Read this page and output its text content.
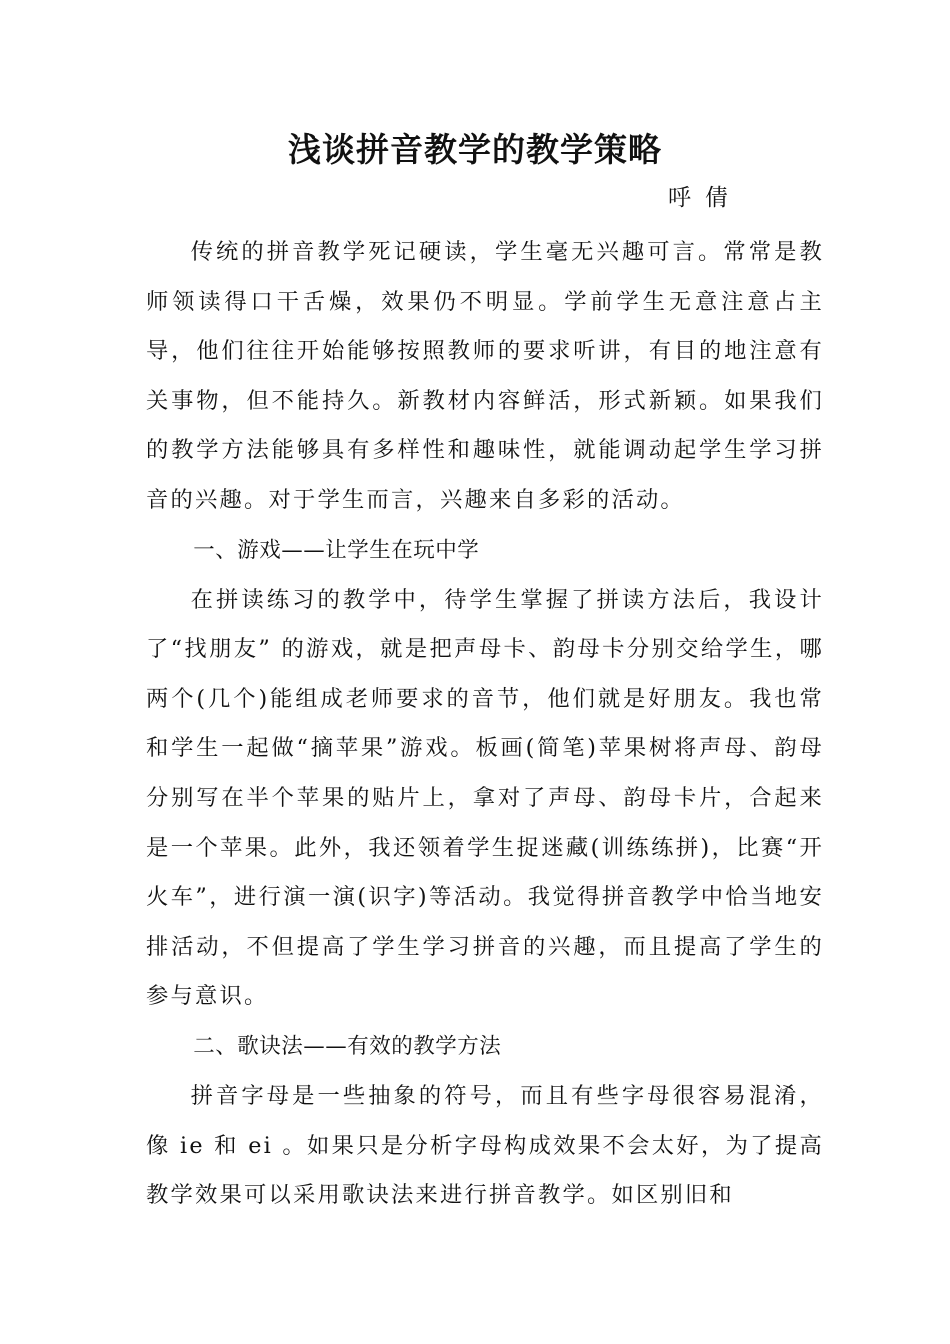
浅谈拼音教学的教学策略

呼倩

传统的拼音教学死记硬读，学生毫无兴趣可言。常常是教师领读得口干舌燥，效果仍不明显。学前学生无意注意占主导，他们往往开始能够按照教师的要求听讲，有目的地注意有关事物，但不能持久。新教材内容鲜活，形式新颖。如果我们的教学方法能够具有多样性和趣味性，就能调动起学生学习拼音的兴趣。对于学生而言，兴趣来自多彩的活动。

一、游戏——让学生在玩中学

在拼读练习的教学中，待学生掌握了拼读方法后，我设计了“找朋友” 的游戏，就是把声母卡、韵母卡分别交给学生，哪两个(几个)能组成老师要求的音节，他们就是好朋友。我也常和学生一起做“摘苹果”游戏。板画(简笔)苹果树将声母、韵母分别写在半个苹果的贴片上，拿对了声母、韵母卡片，合起来是一个苹果。此外，我还领着学生捉迷藏(训练练拼)，比赛“开火车”，进行演一演(识字)等活动。我觉得拼音教学中恰当地安排活动，不但提高了学生学习拼音的兴趣，而且提高了学生的参与意识。

二、歌诀法——有效的教学方法

拼音字母是一些抽象的符号，而且有些字母很容易混淆，像 ie 和 ei 。如果只是分析字母构成效果不会太好，为了提高教学效果可以采用歌诀法来进行拼音教学。如区别旧和
